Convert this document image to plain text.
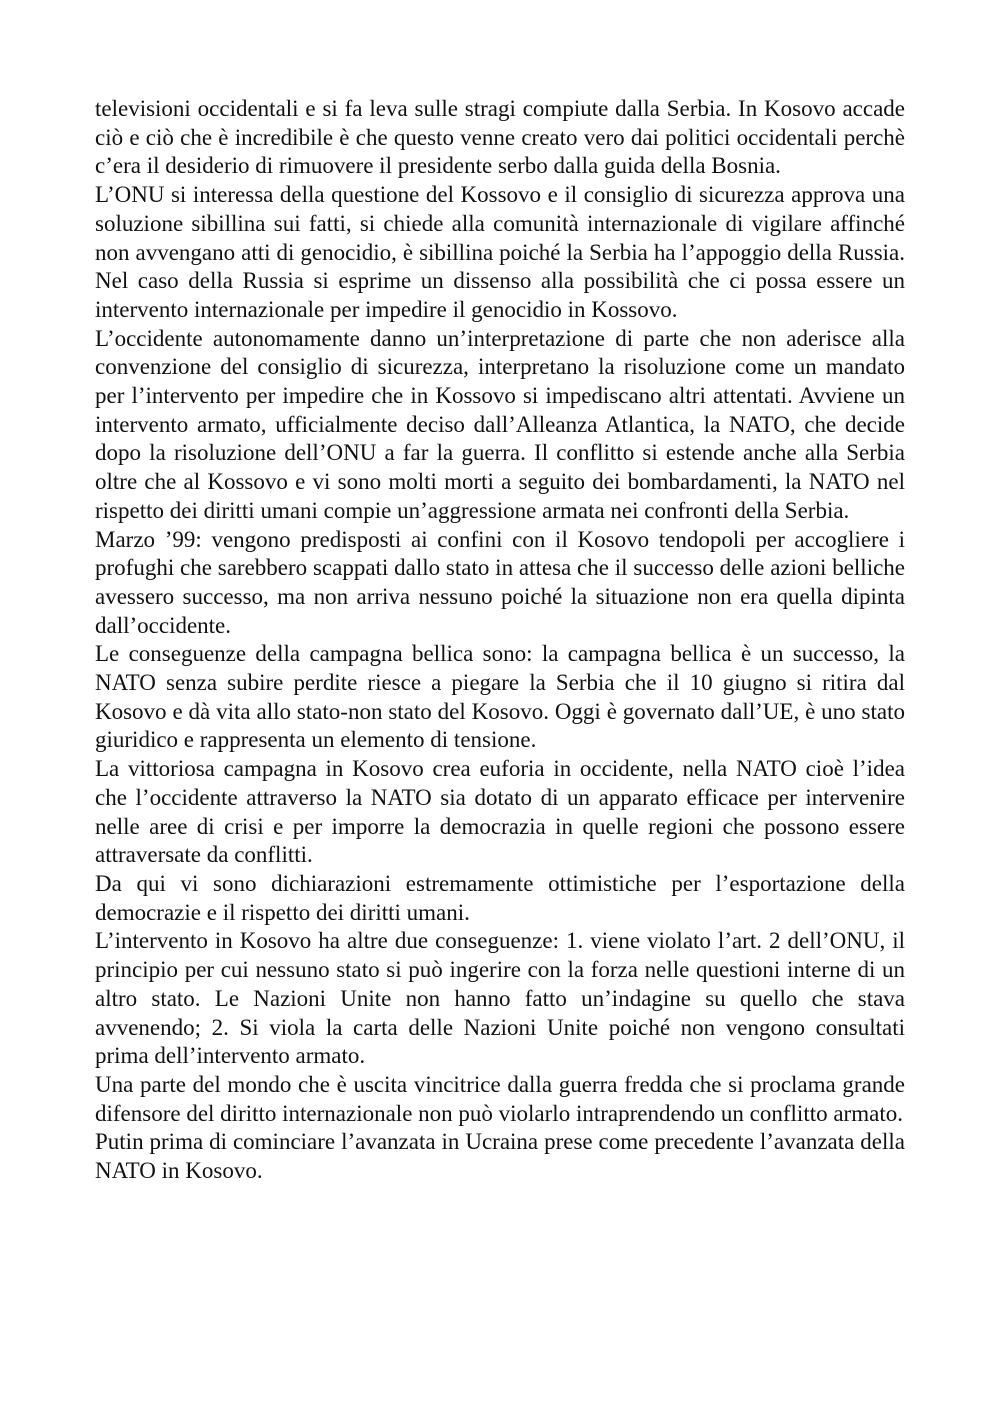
televisioni occidentali e si fa leva sulle stragi compiute dalla Serbia. In Kosovo accade ciò e ciò che è incredibile è che questo venne creato vero dai politici occidentali perchè c’era il desiderio di rimuovere il presidente serbo dalla guida della Bosnia.

L’ONU si interessa della questione del Kossovo e il consiglio di sicurezza approva una soluzione sibillina sui fatti, si chiede alla comunità internazionale di vigilare affinché non avvengano atti di genocidio, è sibillina poiché la Serbia ha l’appoggio della Russia. Nel caso della Russia si esprime un dissenso alla possibilità che ci possa essere un intervento internazionale per impedire il genocidio in Kossovo.

L’occidente autonomamente danno un’interpretazione di parte che non aderisce alla convenzione del consiglio di sicurezza, interpretano la risoluzione come un mandato per l’intervento per impedire che in Kossovo si impediscano altri attentati. Avviene un intervento armato, ufficialmente deciso dall’Alleanza Atlantica, la NATO, che decide dopo la risoluzione dell’ONU a far la guerra. Il conflitto si estende anche alla Serbia oltre che al Kossovo e vi sono molti morti a seguito dei bombardamenti, la NATO nel rispetto dei diritti umani compie un’aggressione armata nei confronti della Serbia.

Marzo ’99: vengono predisposti ai confini con il Kosovo tendopoli per accogliere i profughi che sarebbero scappati dallo stato in attesa che il successo delle azioni belliche avessero successo, ma non arriva nessuno poiché la situazione non era quella dipinta dall’occidente.

Le conseguenze della campagna bellica sono: la campagna bellica è un successo, la NATO senza subire perdite riesce a piegare la Serbia che il 10 giugno si ritira dal Kosovo e dà vita allo stato-non stato del Kosovo. Oggi è governato dall’UE, è uno stato giuridico e rappresenta un elemento di tensione.

La vittoriosa campagna in Kosovo crea euforia in occidente, nella NATO cioè l’idea che l’occidente attraverso la NATO sia dotato di un apparato efficace per intervenire nelle aree di crisi e per imporre la democrazia in quelle regioni che possono essere attraversate da conflitti.

Da qui vi sono dichiarazioni estremamente ottimistiche per l’esportazione della democrazie e il rispetto dei diritti umani.

L’intervento in Kosovo ha altre due conseguenze: 1. viene violato l’art. 2 dell’ONU, il principio per cui nessuno stato si può ingerire con la forza nelle questioni interne di un altro stato. Le Nazioni Unite non hanno fatto un’indagine su quello che stava avvenendo; 2. Si viola la carta delle Nazioni Unite poiché non vengono consultati prima dell’intervento armato.

Una parte del mondo che è uscita vincitrice dalla guerra fredda che si proclama grande difensore del diritto internazionale non può violarlo intraprendendo un conflitto armato.

Putin prima di cominciare l’avanzata in Ucraina prese come precedente l’avanzata della NATO in Kosovo.
